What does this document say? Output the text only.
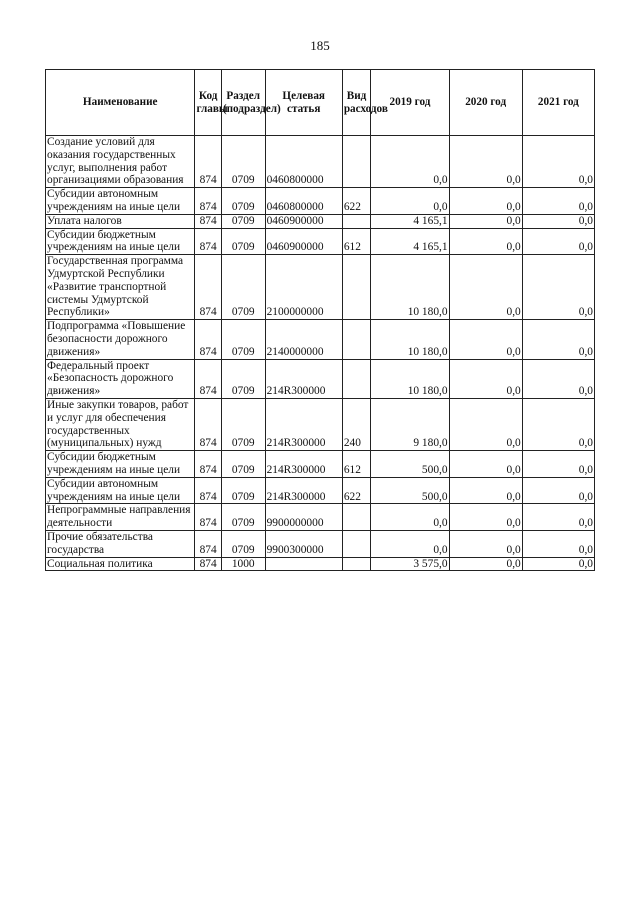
185
Наименование	Код главы	Раздел (подраздел)	Целевая статья	Вид расходов	2019 год	2020 год	2021 год
Создание условий для оказания государственных услуг, выполнения работ организациями образования	874	0709	0460800000		0,0	0,0	0,0
Субсидии автономным учреждениям на иные цели	874	0709	0460800000	622	0,0	0,0	0,0
Уплата налогов	874	0709	0460900000		4 165,1	0,0	0,0
Субсидии бюджетным учреждениям на иные цели	874	0709	0460900000	612	4 165,1	0,0	0,0
Государственная программа Удмуртской Республики «Развитие транспортной системы Удмуртской Республики»	874	0709	2100000000		10 180,0	0,0	0,0
Подпрограмма «Повышение безопасности дорожного движения»	874	0709	2140000000		10 180,0	0,0	0,0
Федеральный проект «Безопасность дорожного движения»	874	0709	214R300000		10 180,0	0,0	0,0
Иные закупки товаров, работ и услуг для обеспечения государственных (муниципальных) нужд	874	0709	214R300000	240	9 180,0	0,0	0,0
Субсидии бюджетным учреждениям на иные цели	874	0709	214R300000	612	500,0	0,0	0,0
Субсидии автономным учреждениям на иные цели	874	0709	214R300000	622	500,0	0,0	0,0
Непрограммные направления деятельности	874	0709	9900000000		0,0	0,0	0,0
Прочие обязательства государства	874	0709	9900300000		0,0	0,0	0,0
Социальная политика	874	1000			3 575,0	0,0	0,0
